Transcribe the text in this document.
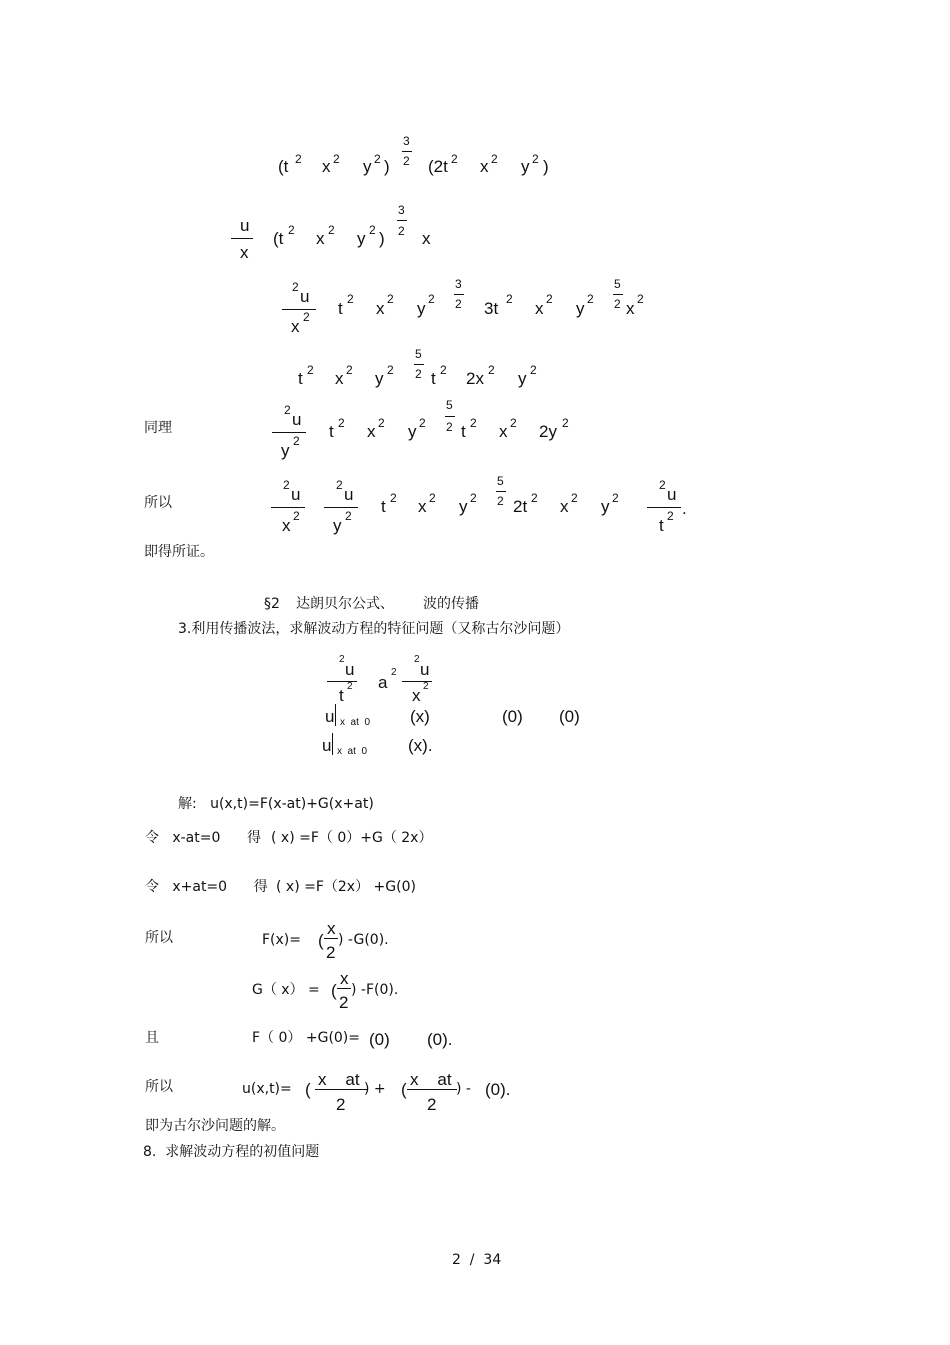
(t 2 x 2 y 2 )
3
2 (2t 2 x 2 y 2 )
u
x
(t 2 x 2 y 2 )
3
2 x
2 u
x 2 t 2 x 2 y 2
3
2 3t 2 x 2 y 2
5
2 x 2
t 2 x 2 y 2
5
2 t 2 2x 2 y 2
同理
2 u
y 2 t 2 x 2 y 2
5
2 t 2 x 2 2y 2
所以
2 u
x 2
2 u
y 2 t 2 x 2 y 2
5
2 2t 2 x 2 y 2
2 u
t 2 .
即得所证。
§2 达朗贝尔公式、 波的传播
3.利用传播波法，求解波动方程的特征问题（又称古尔沙问题）
2
u
t 2 a
2
2
u
x 2
u x  at  0 (x)	(0) (0)
u x  at  0 (x).
解:   u(x,t)=F(x-at)+G(x+at)
令   x-at=0      得 ( x) =F（ 0）+G（ 2x）
令   x+at=0      得 ( x) =F（2x） +G(0)
所以	F(x)= (
x
2
) -G(0).
G（ x） = (
x
2
) -F(0).
且	F（ 0） +G(0)= (0) (0).
所以	u(x,t)= (
x    at
2
) + (
x    at
2
) - (0).
即为古尔沙问题的解。
8.  求解波动方程的初值问题
2  /  34
